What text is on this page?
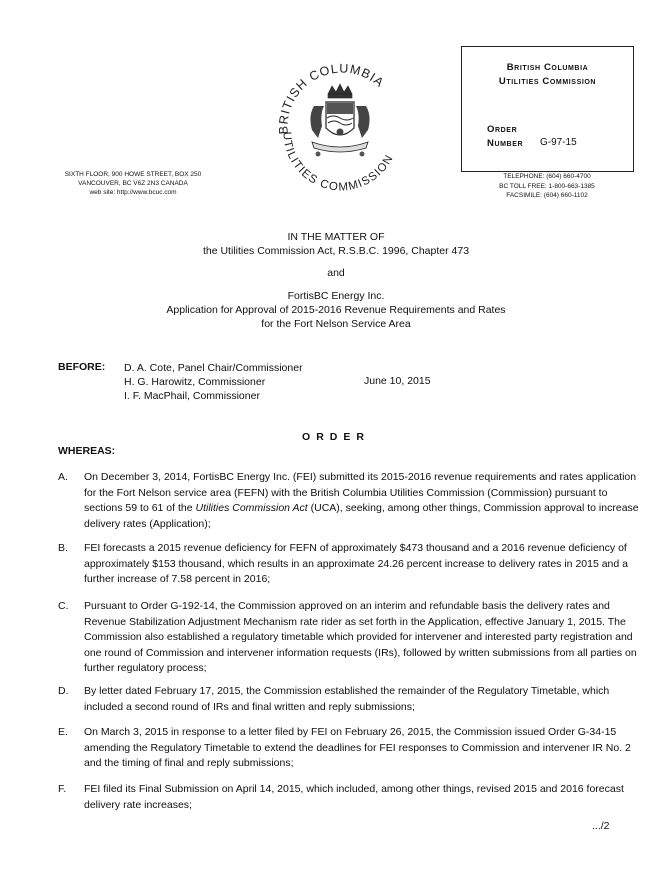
BRITISH COLUMBIA
UTILITIES COMMISSION
British Columbia
Utilities Commission
Order
Number G-97-15
SIXTH FLOOR, 900 HOWE STREET, BOX 250
VANCOUVER, BC V6Z 2N3 CANADA
web site: http://www.bcuc.com
TELEPHONE: (604) 660-4700
BC TOLL FREE: 1-800-663-1385
FACSIMILE: (604) 660-1102
IN THE MATTER OF
the Utilities Commission Act, R.S.B.C. 1996, Chapter 473
and
FortisBC Energy Inc.
Application for Approval of 2015-2016 Revenue Requirements and Rates
for the Fort Nelson Service Area
BEFORE: D. A. Cote, Panel Chair/Commissioner
H. G. Harowitz, Commissioner
I. F. MacPhail, Commissioner
June 10, 2015
ORDER
WHEREAS:
A. On December 3, 2014, FortisBC Energy Inc. (FEI) submitted its 2015-2016 revenue requirements and rates application for the Fort Nelson service area (FEFN) with the British Columbia Utilities Commission (Commission) pursuant to sections 59 to 61 of the Utilities Commission Act (UCA), seeking, among other things, Commission approval to increase delivery rates (Application);
B. FEI forecasts a 2015 revenue deficiency for FEFN of approximately $473 thousand and a 2016 revenue deficiency of approximately $153 thousand, which results in an approximate 24.26 percent increase to delivery rates in 2015 and a further increase of 7.58 percent in 2016;
C. Pursuant to Order G-192-14, the Commission approved on an interim and refundable basis the delivery rates and Revenue Stabilization Adjustment Mechanism rate rider as set forth in the Application, effective January 1, 2015. The Commission also established a regulatory timetable which provided for intervener and interested party registration and one round of Commission and intervener information requests (IRs), followed by written submissions from all parties on further regulatory process;
D. By letter dated February 17, 2015, the Commission established the remainder of the Regulatory Timetable, which included a second round of IRs and final written and reply submissions;
E. On March 3, 2015 in response to a letter filed by FEI on February 26, 2015, the Commission issued Order G-34-15 amending the Regulatory Timetable to extend the deadlines for FEI responses to Commission and intervener IR No. 2 and the timing of final and reply submissions;
F. FEI filed its Final Submission on April 14, 2015, which included, among other things, revised 2015 and 2016 forecast delivery rate increases;
.../2
